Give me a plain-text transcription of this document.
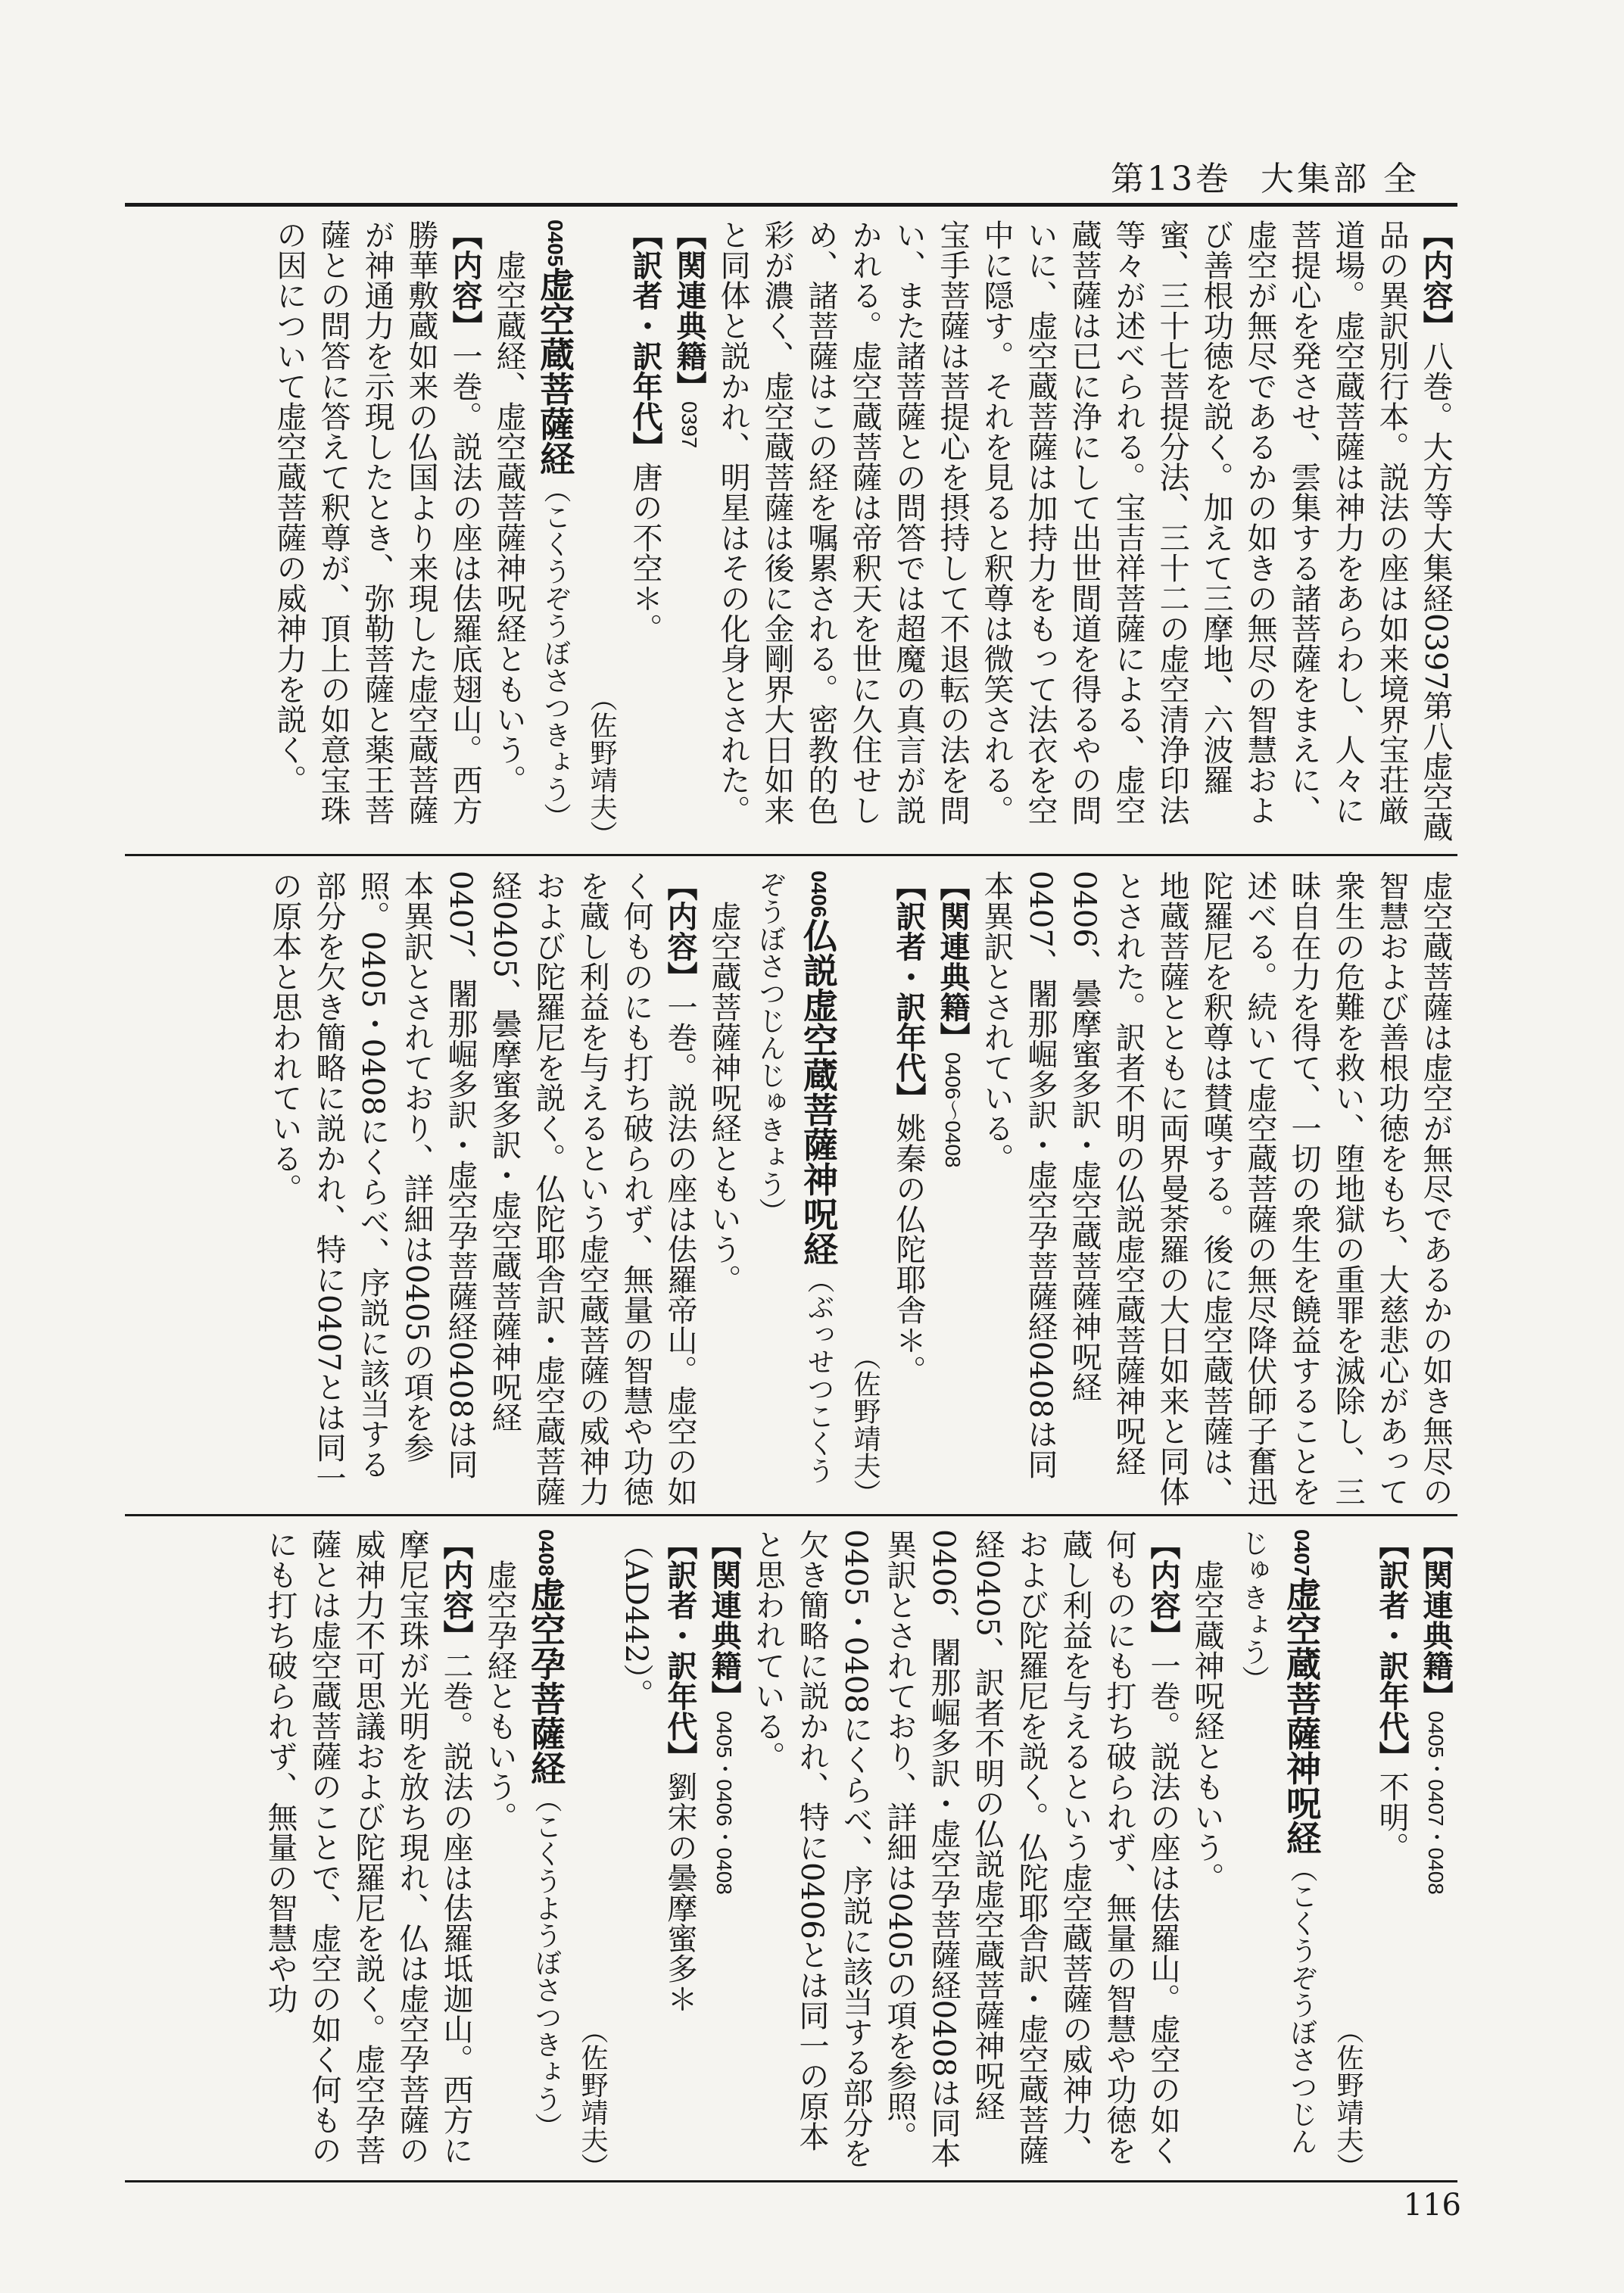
第13巻 大集部 全

【内容】八巻。大方等大集経0397第八虚空蔵品の異訳別行本。説法の座は如来境界宝荘厳道場。虚空蔵菩薩は神力をあらわし、人々に菩提心を発させ、雲集する諸菩薩をまえに、虚空が無尽であるかの如きの無尽の智慧および善根功徳を説く。加えて三摩地、六波羅蜜、三十七菩提分法、三十二の虚空清浄印法等々が述べられる。宝吉祥菩薩による、虚空蔵菩薩は已に浄にして出世間道を得るやの問いに、虚空蔵菩薩は加持力をもって法衣を空中に隠す。それを見ると釈尊は微笑される。宝手菩薩は菩提心を摂持して不退転の法を問い、また諸菩薩との問答では超魔の真言が説かれる。虚空蔵菩薩は帝釈天を世に久住せしめ、諸菩薩はこの経を嘱累される。密教的色彩が濃く、虚空蔵菩薩は後に金剛界大日如来と同体と説かれ、明星はその化身とされた。

【関連典籍】0397

【訳者・訳年代】唐の不空＊。

（佐野靖夫）

0405虚空蔵菩薩経（こくうぞうぼさつきょう）

虚空蔵経、虚空蔵菩薩神呪経ともいう。

【内容】一巻。説法の座は佉羅底翅山。西方勝華敷蔵如来の仏国より来現した虚空蔵菩薩が神通力を示現したとき、弥勒菩薩と薬王菩薩との問答に答えて釈尊が、頂上の如意宝珠の因について虚空蔵菩薩の威神力を説く。

虚空蔵菩薩は虚空が無尽であるかの如き無尽の智慧および善根功徳をもち、大慈悲心があって衆生の危難を救い、堕地獄の重罪を滅除し、三昧自在力を得て、一切の衆生を饒益することを述べる。続いて虚空蔵菩薩の無尽降伏師子奮迅陀羅尼を釈尊は賛嘆する。後に虚空蔵菩薩は、地蔵菩薩とともに両界曼荼羅の大日如来と同体とされた。訳者不明の仏説虚空蔵菩薩神呪経0406、曇摩蜜多訳・虚空蔵菩薩神呪経0407、闍那崛多訳・虚空孕菩薩経0408は同本異訳とされている。

【関連典籍】0406～0408

【訳者・訳年代】姚秦の仏陀耶舎＊。

（佐野靖夫）

0406仏説虚空蔵菩薩神呪経（ぶっせつこくうぞうぼさつじんじゅきょう）

虚空蔵菩薩神呪経ともいう。

【内容】一巻。説法の座は佉羅帝山。虚空の如く何ものにも打ち破られず、無量の智慧や功徳を蔵し利益を与えるという虚空蔵菩薩の威神力および陀羅尼を説く。仏陀耶舎訳・虚空蔵菩薩経0405、曇摩蜜多訳・虚空蔵菩薩神呪経0407、闍那崛多訳・虚空孕菩薩経0408は同本異訳とされており、詳細は0405の項を参照。0405・0408にくらべ、序説に該当する部分を欠き簡略に説かれ、特に0407とは同一の原本と思われている。

【関連典籍】0405・0407・0408

【訳者・訳年代】不明。

（佐野靖夫）

0407虚空蔵菩薩神呪経（こくうぞうぼさつじんじゅきょう）

虚空蔵神呪経ともいう。

【内容】一巻。説法の座は佉羅山。虚空の如く何ものにも打ち破られず、無量の智慧や功徳を蔵し利益を与えるという虚空蔵菩薩の威神力、および陀羅尼を説く。仏陀耶舎訳・虚空蔵菩薩経0405、訳者不明の仏説虚空蔵菩薩神呪経0406、闍那崛多訳・虚空孕菩薩経0408は同本異訳とされており、詳細は0405の項を参照。0405・0408にくらべ、序説に該当する部分を欠き簡略に説かれ、特に0406とは同一の原本と思われている。

【関連典籍】0405・0406・0408

【訳者・訳年代】劉宋の曇摩蜜多＊（AD442）。

（佐野靖夫）

0408虚空孕菩薩経（こくうようぼさつきょう）

虚空孕経ともいう。

【内容】二巻。説法の座は佉羅坻迦山。西方に摩尼宝珠が光明を放ち現れ、仏は虚空孕菩薩の威神力不可思議および陀羅尼を説く。虚空孕菩薩とは虚空蔵菩薩のことで、虚空の如く何ものにも打ち破られず、無量の智慧や功

116
